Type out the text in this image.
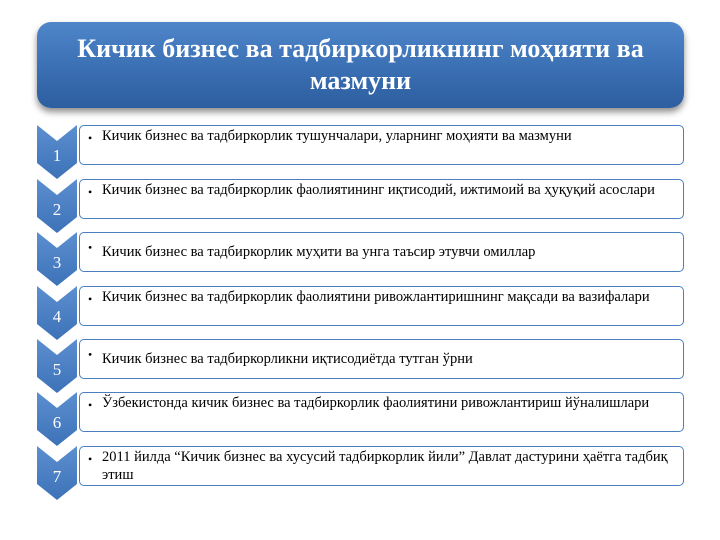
Кичик бизнес ва тадбиркорликнинг моҳияти ва мазмуни
1
• Кичик бизнес ва тадбиркорлик тушунчалари, уларнинг моҳияти ва мазмуни
2
• Кичик бизнес ва тадбиркорлик фаолиятининг иқтисодий, ижтимоий ва ҳуқуқий асослари
3
• Кичик бизнес ва тадбиркорлик муҳити ва унга таъсир этувчи омиллар
4
• Кичик бизнес ва тадбиркорлик фаолиятини ривожлантиришнинг мақсади ва вазифалари
5
• Кичик бизнес ва тадбиркорликни иқтисодиётда тутган ўрни
6
• Ўзбекистонда кичик бизнес ва тадбиркорлик фаолиятини ривожлантириш йўналишлари
7
• 2011 йилда “Кичик бизнес ва хусусий тадбиркорлик йили” Давлат дастурини ҳаётга тадбиқ этиш
